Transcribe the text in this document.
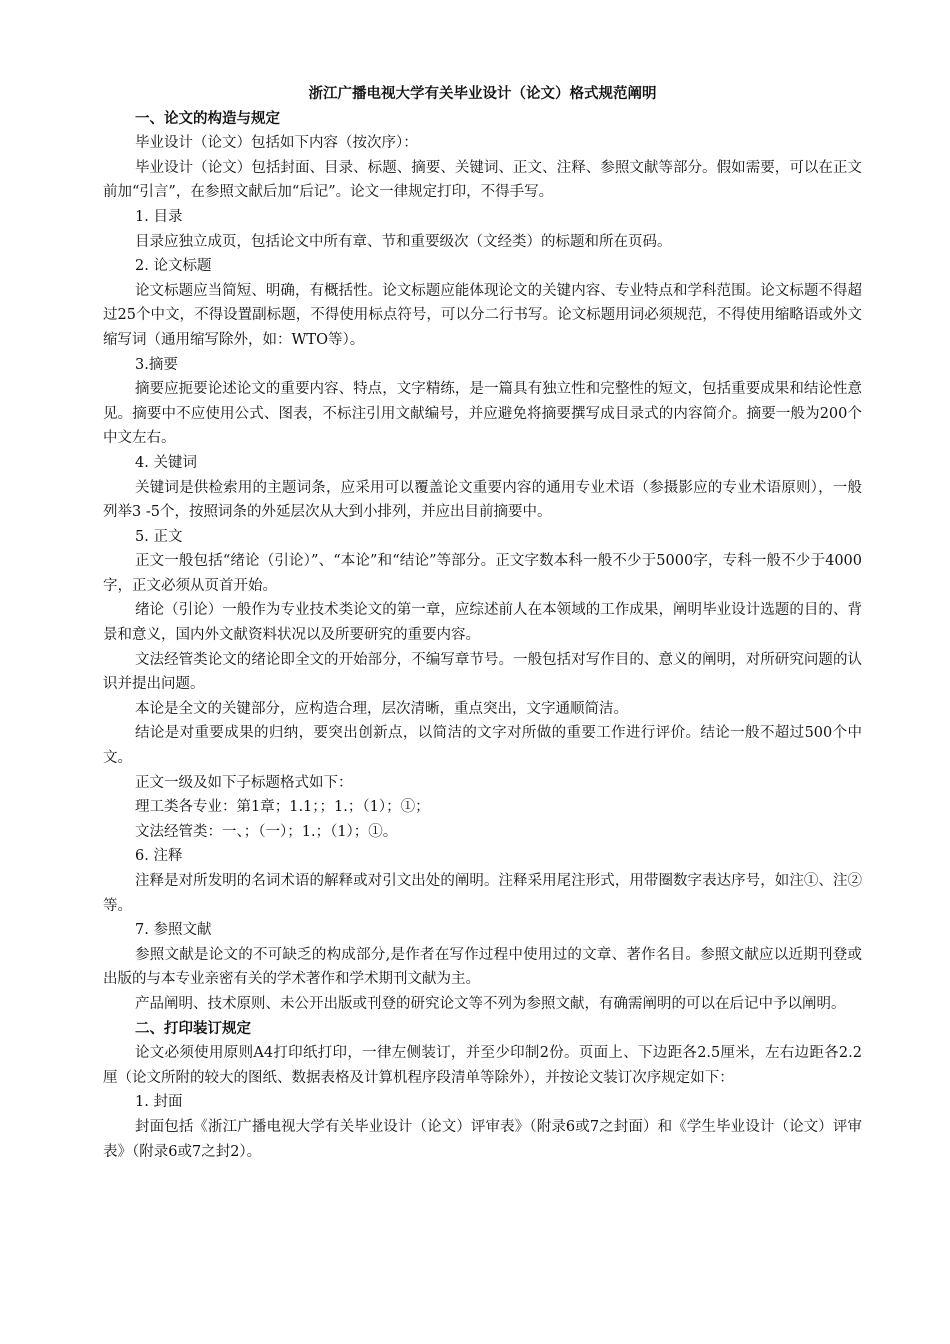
浙江广播电视大学有关毕业设计（论文）格式规范阐明
一、论文的构造与规定

毕业设计（论文）包括如下内容（按次序）：

毕业设计（论文）包括封面、目录、标题、摘要、关键词、正文、注释、参照文献等部分。假如需要，可以在正文前加“引言”，在参照文献后加“后记”。论文一律规定打印，不得手写。

1. 目录

目录应独立成页，包括论文中所有章、节和重要级次（文经类）的标题和所在页码。

2. 论文标题

论文标题应当简短、明确，有概括性。论文标题应能体现论文的关键内容、专业特点和学科范围。论文标题不得超过25个中文，不得设置副标题，不得使用标点符号，可以分二行书写。论文标题用词必须规范，不得使用缩略语或外文缩写词（通用缩写除外，如：WTO等）。

3.摘要

摘要应扼要论述论文的重要内容、特点，文字精练，是一篇具有独立性和完整性的短文，包括重要成果和结论性意见。摘要中不应使用公式、图表，不标注引用文献编号，并应避免将摘要撰写成目录式的内容简介。摘要一般为200个中文左右。

4. 关键词

关键词是供检索用的主题词条，应采用可以覆盖论文重要内容的通用专业术语（参摄影应的专业术语原则），一般列举3 -5个，按照词条的外延层次从大到小排列，并应出目前摘要中。

5. 正文

正文一般包括“绪论（引论）”、“本论”和“结论”等部分。正文字数本科一般不少于5000字，专科一般不少于4000字，正文必须从页首开始。

绪论（引论）一般作为专业技术类论文的第一章，应综述前人在本领域的工作成果，阐明毕业设计选题的目的、背景和意义，国内外文献资料状况以及所要研究的重要内容。

文法经管类论文的绪论即全文的开始部分，不编写章节号。一般包括对写作目的、意义的阐明，对所研究问题的认识并提出问题。

本论是全文的关键部分，应构造合理，层次清晰，重点突出，文字通顺简洁。

结论是对重要成果的归纳，要突出创新点，以简洁的文字对所做的重要工作进行评价。结论一般不超过500个中文。

正文一级及如下子标题格式如下：

理工类各专业：第1章；1.1；；1.；（1）；①；

文法经管类：一、；（一）；1.；（1）；①。

6. 注释

注释是对所发明的名词术语的解释或对引文出处的阐明。注释采用尾注形式，用带圈数字表达序号，如注①、注②等。

7. 参照文献

参照文献是论文的不可缺乏的构成部分,是作者在写作过程中使用过的文章、著作名目。参照文献应以近期刊登或出版的与本专业亲密有关的学术著作和学术期刊文献为主。

产品阐明、技术原则、未公开出版或刊登的研究论文等不列为参照文献，有确需阐明的可以在后记中予以阐明。

二、打印装订规定

论文必须使用原则A4打印纸打印，一律左侧装订，并至少印制2份。页面上、下边距各2.5厘米，左右边距各2.2厘（论文所附的较大的图纸、数据表格及计算机程序段清单等除外），并按论文装订次序规定如下：

1. 封面

封面包括《浙江广播电视大学有关毕业设计（论文）评审表》（附录6或7之封面）和《学生毕业设计（论文）评审表》（附录6或7之封2）。
